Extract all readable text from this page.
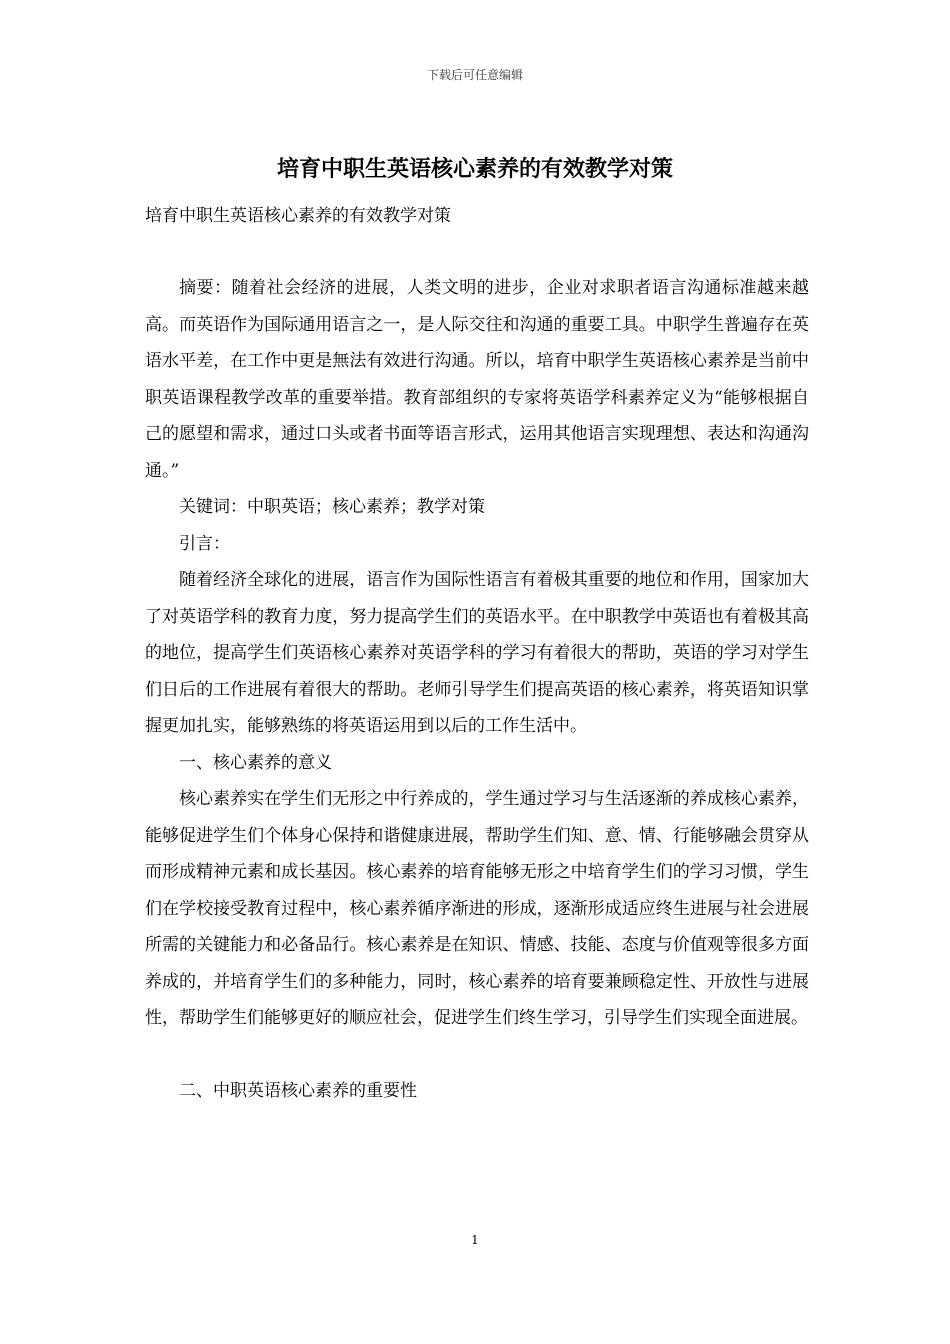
下载后可任意编辑
培育中职生英语核心素养的有效教学对策
培育中职生英语核心素养的有效教学对策

摘要：随着社会经济的进展，人类文明的进步，企业对求职者语言沟通标准越来越高。而英语作为国际通用语言之一，是人际交往和沟通的重要工具。中职学生普遍存在英语水平差，在工作中更是無法有效进行沟通。所以，培育中职学生英语核心素养是当前中职英语课程教学改革的重要举措。教育部组织的专家将英语学科素养定义为“能够根据自己的愿望和需求，通过口头或者书面等语言形式，运用其他语言实现理想、表达和沟通沟通。”

关键词：中职英语；核心素养；教学对策

引言：

随着经济全球化的进展，语言作为国际性语言有着极其重要的地位和作用，国家加大了对英语学科的教育力度，努力提高学生们的英语水平。在中职教学中英语也有着极其高的地位，提高学生们英语核心素养对英语学科的学习有着很大的帮助，英语的学习对学生们日后的工作进展有着很大的帮助。老师引导学生们提高英语的核心素养，将英语知识掌握更加扎实，能够熟练的将英语运用到以后的工作生活中。

一、核心素养的意义

核心素养实在学生们无形之中行养成的，学生通过学习与生活逐渐的养成核心素养，能够促进学生们个体身心保持和谐健康进展，帮助学生们知、意、情、行能够融会贯穿从而形成精神元素和成长基因。核心素养的培育能够无形之中培育学生们的学习习惯，学生们在学校接受教育过程中，核心素养循序渐进的形成，逐渐形成适应终生进展与社会进展所需的关键能力和必备品行。核心素养是在知识、情感、技能、态度与价值观等很多方面养成的，并培育学生们的多种能力，同时，核心素养的培育要兼顾稳定性、开放性与进展性，帮助学生们能够更好的顺应社会，促进学生们终生学习，引导学生们实现全面进展。

二、中职英语核心素养的重要性

1
